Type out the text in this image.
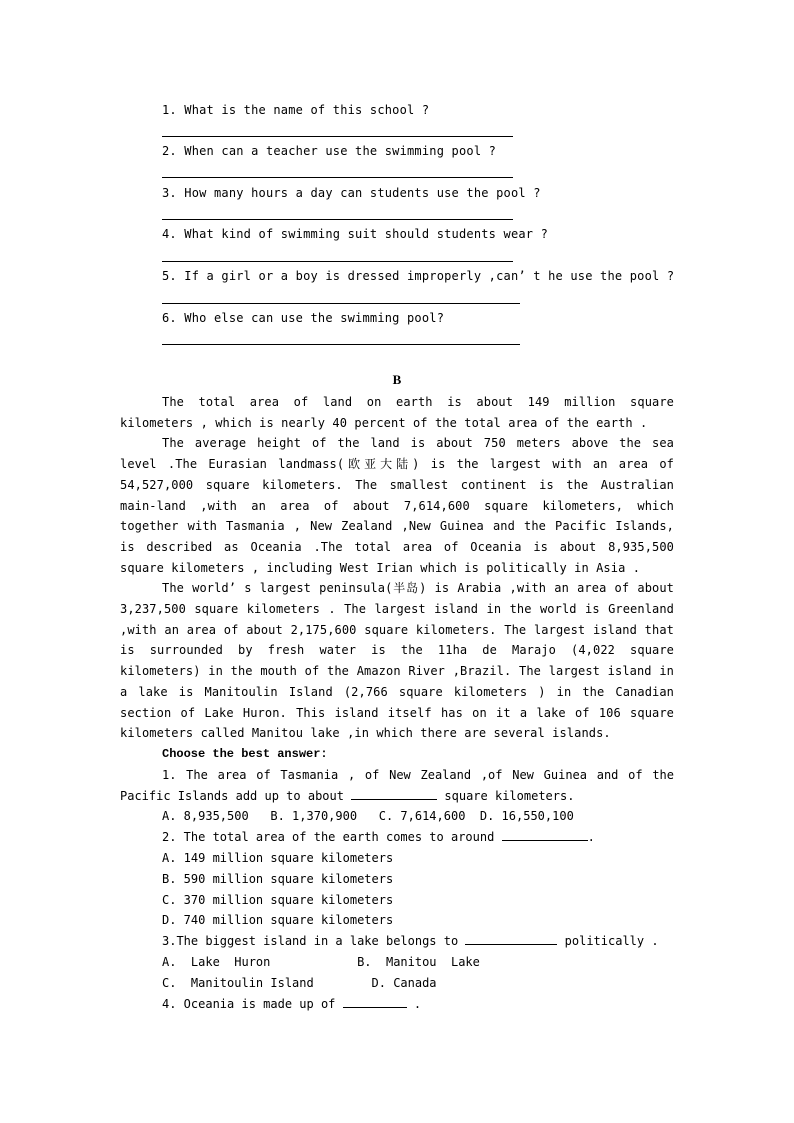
1. What is the name of this school ?
2. When can a teacher use the swimming pool ?
3. How many hours a day can students use the pool ?
4. What kind of swimming suit should students wear ?
5. If a girl or a boy is dressed improperly ,can’ t he use the pool ?
6. Who else can use the swimming pool?
B

The total area of land on earth is about 149 million square kilometers , which is nearly 40 percent of the total area of the earth .

The average height of the land is about 750 meters above the sea level .The Eurasian landmass(欧亚大陆) is the largest with an area of 54,527,000 square kilometers. The smallest continent is the Australian main-land ,with an area of about 7,614,600 square kilometers, which together with Tasmania , New Zealand ,New Guinea and the Pacific Islands, is described as Oceania .The total area of Oceania is about 8,935,500 square kilometers , including West Irian which is politically in Asia .

The world’ s largest peninsula(半岛) is Arabia ,with an area of about 3,237,500 square kilometers . The largest island in the world is Greenland ,with an area of about 2,175,600 square kilometers. The largest island that is surrounded by fresh water is the 11ha de Marajo (4,022 square kilometers) in the mouth of the Amazon River ,Brazil. The largest island in a lake is Manitoulin Island (2,766 square kilometers ) in the Canadian section of Lake Huron. This island itself has on it a lake of 106 square kilometers called Manitou lake ,in which there are several islands.

Choose the best answer:

1. The area of Tasmania , of New Zealand ,of New Guinea and of the Pacific Islands add up to about	square kilometers.

A. 8,935,500   B. 1,370,900   C. 7,614,600  D. 16,550,100

2. The total area of the earth comes to around	.

A. 149 million square kilometers

B. 590 million square kilometers

C. 370 million square kilometers

D. 740 million square kilometers

3.The biggest island in a lake belongs to	politically .

A.  Lake  Huron            B.  Manitou  Lake

C.  Manitoulin Island        D. Canada

4. Oceania is made up of	.
